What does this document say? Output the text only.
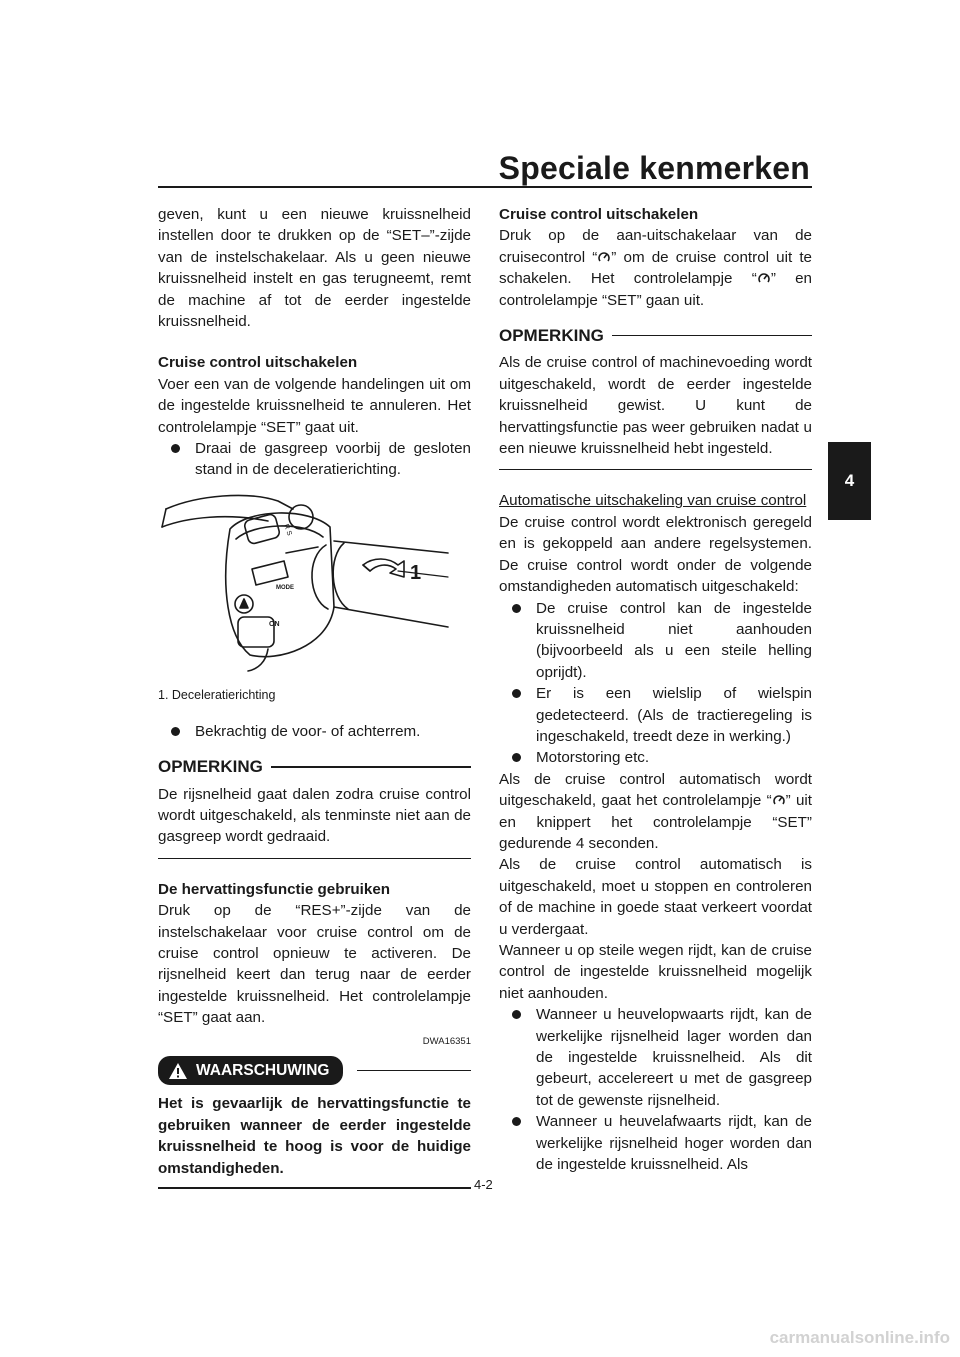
Speciale kenmerken
4

geven, kunt u een nieuwe kruissnelheid instellen door te drukken op de “SET–”-zijde van de instelschakelaar. Als u geen nieuwe kruissnelheid instelt en gas terugneemt, remt de machine af tot de eerder ingestelde kruissnelheid.

Cruise control uitschakelen

Voer een van de volgende handelingen uit om de ingestelde kruissnelheid te annuleren. Het controlelampje “SET” gaat uit.

Draai de gasgreep voorbij de gesloten stand in de deceleratierichting.
R S
MODE
ON
1
1. Deceleratierichting
Bekrachtig de voor- of achterrem.
OPMERKING

De rijsnelheid gaat dalen zodra cruise control wordt uitgeschakeld, als tenminste niet aan de gasgreep wordt gedraaid.

De hervattingsfunctie gebruiken

Druk op de “RES+”-zijde van de instelschakelaar voor cruise control om de cruise control opnieuw te activeren. De rijsnelheid keert dan terug naar de eerder ingestelde kruissnelheid. Het controlelampje “SET” gaat aan.

DWA16351
WAARSCHUWING

Het is gevaarlijk de hervattingsfunctie te gebruiken wanneer de eerder ingestelde kruissnelheid te hoog is voor de huidige omstandigheden.

Cruise control uitschakelen

Druk op de aan-uitschakelaar van de cruisecontrol “ ” om de cruise control uit te schakelen. Het controlelampje “ ” en controlelampje “SET” gaan uit.

OPMERKING

Als de cruise control of machinevoeding wordt uitgeschakeld, wordt de eerder ingestelde kruissnelheid gewist. U kunt de hervattingsfunctie pas weer gebruiken nadat u een nieuwe kruissnelheid hebt ingesteld.

Automatische uitschakeling van cruise control

De cruise control wordt elektronisch geregeld en is gekoppeld aan andere regelsystemen. De cruise control wordt onder de volgende omstandigheden automatisch uitgeschakeld:

De cruise control kan de ingestelde kruissnelheid niet aanhouden (bijvoorbeeld als u een steile helling oprijdt).
Er is een wielslip of wielspin gedetecteerd. (Als de tractieregeling is ingeschakeld, treedt deze in werking.)
Motorstoring etc.

Als de cruise control automatisch wordt uitgeschakeld, gaat het controlelampje “ ” uit en knippert het controlelampje “SET” gedurende 4 seconden.

Als de cruise control automatisch is uitgeschakeld, moet u stoppen en controleren of de machine in goede staat verkeert voordat u verdergaat.

Wanneer u op steile wegen rijdt, kan de cruise control de ingestelde kruissnelheid mogelijk niet aanhouden.

Wanneer u heuvelopwaarts rijdt, kan de werkelijke rijsnelheid lager worden dan de ingestelde kruissnelheid. Als dit gebeurt, accelereert u met de gasgreep tot de gewenste rijsnelheid.
Wanneer u heuvelafwaarts rijdt, kan de werkelijke rijsnelheid hoger worden dan de ingestelde kruissnelheid. Als
4-2
carmanualsonline.info
